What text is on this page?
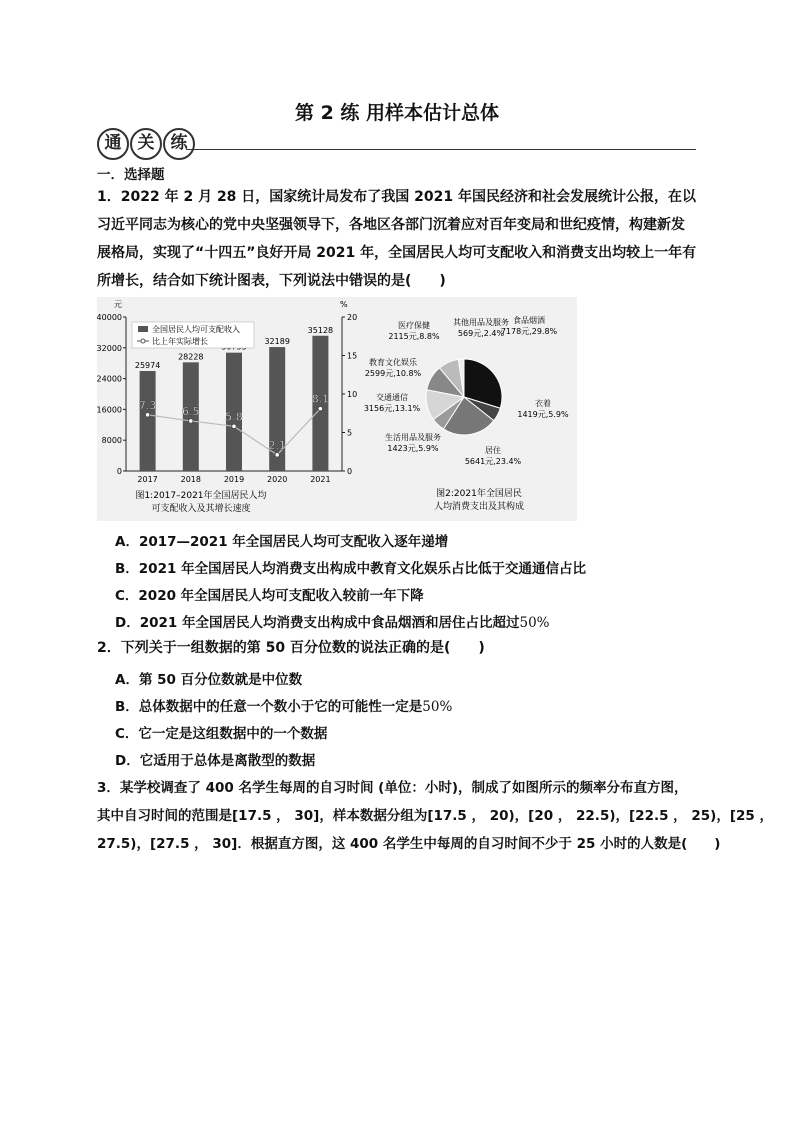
第 2 练 用样本估计总体
通 关 练
一．选择题
1．2022 年 2 月 28 日，国家统计局发布了我国 2021 年国民经济和社会发展统计公报，在以习近平同志为核心的党中央坚强领导下，各地区各部门沉着应对百年变局和世纪疫情，构建新发展格局，实现了“十四五”良好开局 2021 年，全国居民人均可支配收入和消费支出均较上一年有所增长，结合如下统计图表，下列说法中错误的是(　　)
元	%
0
8000
16000
24000
32000
40000
0
5
10
15
20
25974
2017
28228
2018	2019
32189
2020
35128
2021
7.3 6.5 5.8
2.1
8.1
全国居民人均可支配收入
比上年实际增长
图1:2017–2021年全国居民人均
可支配收入及其增长速度
食品烟酒
7178元,29.8%
衣着
1419元,5.9%
居住
5641元,23.4%
生活用品及服务
1423元,5.9%
交通通信
3156元,13.1%
教育文化娱乐
2599元,10.8%
医疗保健
2115元,8.8%
其他用品及服务
569元,2.4%
图2:2021年全国居民
人均消费支出及其构成
A．2017—2021 年全国居民人均可支配收入逐年递增
B．2021 年全国居民人均消费支出构成中教育文化娱乐占比低于交通通信占比
C．2020 年全国居民人均可支配收入较前一年下降
D．2021 年全国居民人均消费支出构成中食品烟酒和居住占比超过50%
2．下列关于一组数据的第 50 百分位数的说法正确的是(　　)
A．第 50 百分位数就是中位数
B．总体数据中的任意一个数小于它的可能性一定是50%
C．它一定是这组数据中的一个数据
D．它适用于总体是离散型的数据
3．某学校调查了 400 名学生每周的自习时间 (单位：小时)，制成了如图所示的频率分布直方图，
其中自习时间的范围是[17.5 ， 30]，样本数据分组为[17.5 ， 20)，[20 ， 22.5)，[22.5 ， 25)，[25 ，
27.5)，[27.5 ， 30]．根据直方图，这 400 名学生中每周的自习时间不少于 25 小时的人数是(　　)
